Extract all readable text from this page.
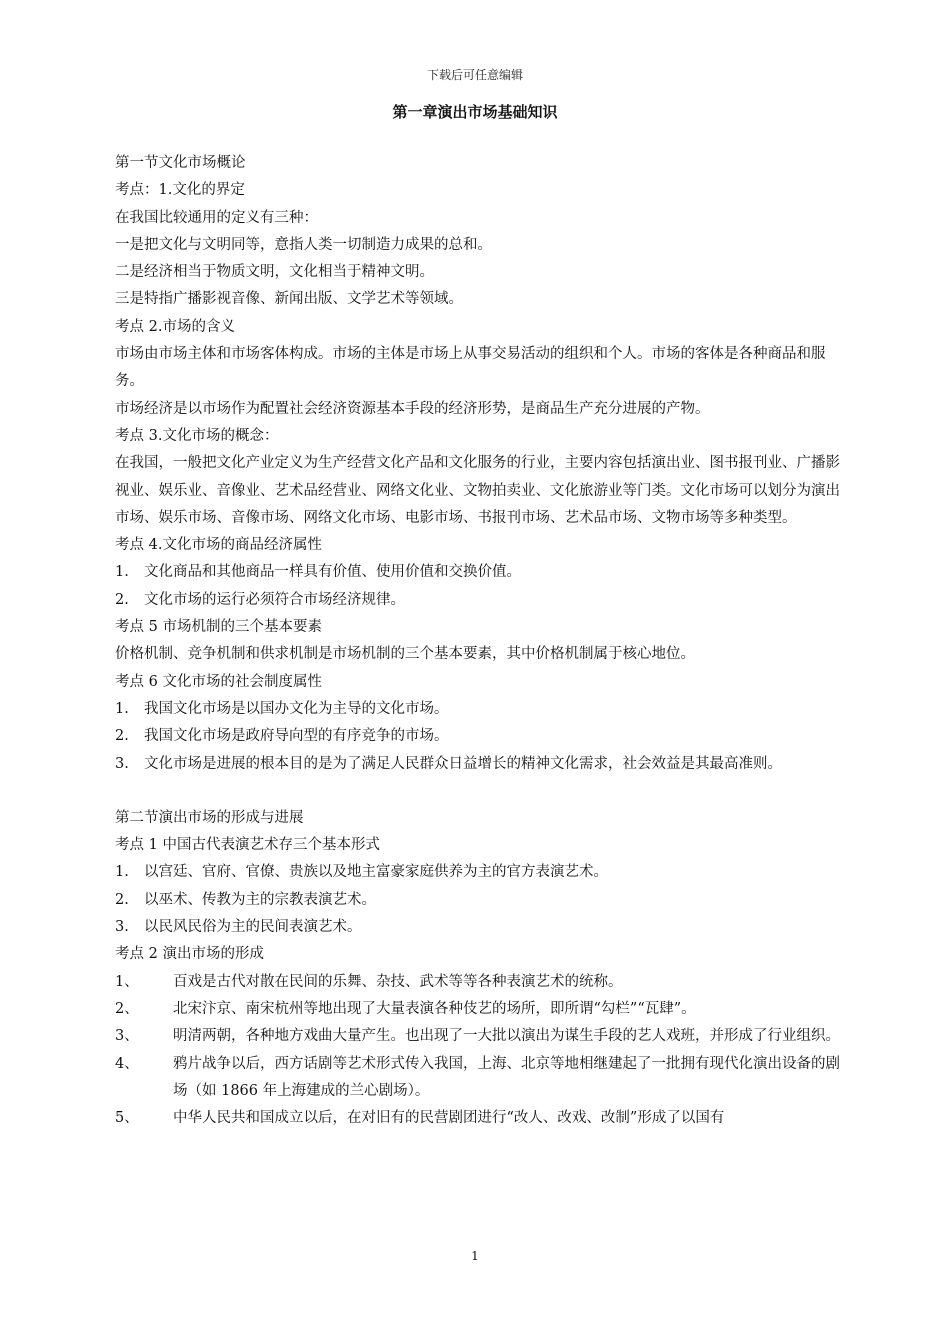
下载后可任意编辑
第一章演出市场基础知识

第一节文化市场概论

考点：1.文化的界定

在我国比较通用的定义有三种：

一是把文化与文明同等，意指人类一切制造力成果的总和。

二是经济相当于物质文明，文化相当于精神文明。

三是特指广播影视音像、新闻出版、文学艺术等领域。

考点 2.市场的含义

市场由市场主体和市场客体构成。市场的主体是市场上从事交易活动的组织和个人。市场的客体是各种商品和服务。

市场经济是以市场作为配置社会经济资源基本手段的经济形势，是商品生产充分进展的产物。

考点 3.文化市场的概念：

在我国，一般把文化产业定义为生产经营文化产品和文化服务的行业，主要内容包括演出业、图书报刊业、广播影视业、娱乐业、音像业、艺术品经营业、网络文化业、文物拍卖业、文化旅游业等门类。文化市场可以划分为演出市场、娱乐市场、音像市场、网络文化市场、电影市场、书报刊市场、艺术品市场、文物市场等多种类型。

考点 4.文化市场的商品经济属性

1.	文化商品和其他商品一样具有价值、使用价值和交换价值。
2.	文化市场的运行必须符合市场经济规律。

考点 5 市场机制的三个基本要素

价格机制、竞争机制和供求机制是市场机制的三个基本要素，其中价格机制属于核心地位。

考点 6 文化市场的社会制度属性

1.	我国文化市场是以国办文化为主导的文化市场。
2.	我国文化市场是政府导向型的有序竞争的市场。
3.	文化市场是进展的根本目的是为了满足人民群众日益增长的精神文化需求，社会效益是其最高准则。

第二节演出市场的形成与进展

考点 1 中国古代表演艺术存三个基本形式

1.	以宫廷、官府、官僚、贵族以及地主富豪家庭供养为主的官方表演艺术。
2.	以巫术、传教为主的宗教表演艺术。
3.	以民风民俗为主的民间表演艺术。

考点 2 演出市场的形成

1、	百戏是古代对散在民间的乐舞、杂技、武术等等各种表演艺术的统称。
2、	北宋汴京、南宋杭州等地出现了大量表演各种伎艺的场所，即所谓“勾栏”“瓦肆”。
3、	明清两朝，各种地方戏曲大量产生。也出现了一大批以演出为谋生手段的艺人戏班，并形成了行业组织。
4、	鸦片战争以后，西方话剧等艺术形式传入我国，上海、北京等地相继建起了一批拥有现代化演出设备的剧场（如 1866 年上海建成的兰心剧场）。
5、	中华人民共和国成立以后，在对旧有的民营剧团进行“改人、改戏、改制”形成了以国有
1
